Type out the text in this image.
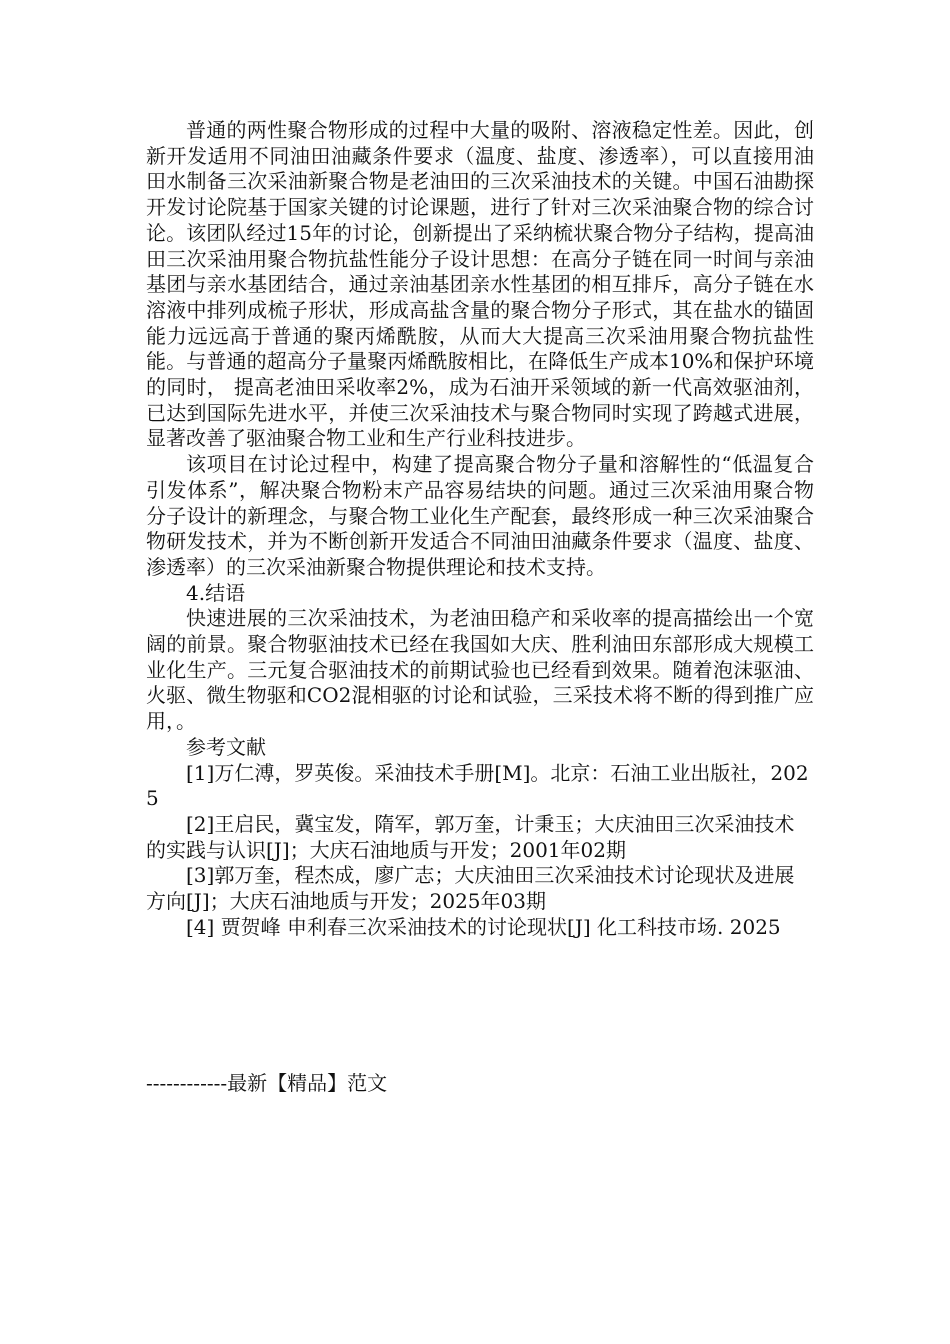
普通的两性聚合物形成的过程中大量的吸附、溶液稳定性差。因此，创新开发适用不同油田油藏条件要求（温度、盐度、渗透率），可以直接用油田水制备三次采油新聚合物是老油田的三次采油技术的关键。中国石油勘探开发讨论院基于国家关键的讨论课题，进行了针对三次采油聚合物的综合讨论。该团队经过15年的讨论，创新提出了采纳梳状聚合物分子结构，提高油田三次采油用聚合物抗盐性能分子设计思想：在高分子链在同一时间与亲油基团与亲水基团结合，通过亲油基团亲水性基团的相互排斥，高分子链在水溶液中排列成梳子形状，形成高盐含量的聚合物分子形式，其在盐水的锚固能力远远高于普通的聚丙烯酰胺，从而大大提高三次采油用聚合物抗盐性能。与普通的超高分子量聚丙烯酰胺相比，在降低生产成本10%和保护环境的同时， 提高老油田采收率2%，成为石油开采领域的新一代高效驱油剂，已达到国际先进水平，并使三次采油技术与聚合物同时实现了跨越式进展，显著改善了驱油聚合物工业和生产行业科技进步。

该项目在讨论过程中，构建了提高聚合物分子量和溶解性的“低温复合引发体系”，解决聚合物粉末产品容易结块的问题。通过三次采油用聚合物分子设计的新理念，与聚合物工业化生产配套，最终形成一种三次采油聚合物研发技术，并为不断创新开发适合不同油田油藏条件要求（温度、盐度、渗透率）的三次采油新聚合物提供理论和技术支持。

4.结语

快速进展的三次采油技术，为老油田稳产和采收率的提高描绘出一个宽阔的前景。聚合物驱油技术已经在我国如大庆、胜利油田东部形成大规模工业化生产。三元复合驱油技术的前期试验也已经看到效果。随着泡沫驱油、火驱、微生物驱和CO2混相驱的讨论和试验，三采技术将不断的得到推广应用，。

参考文献

[1]万仁溥，罗英俊。采油技术手册[M]。北京：石油工业出版社，2025

[2]王启民，冀宝发，隋军，郭万奎，计秉玉；大庆油田三次采油技术的实践与认识[J]；大庆石油地质与开发；2001年02期

[3]郭万奎，程杰成，廖广志；大庆油田三次采油技术讨论现状及进展方向[J]；大庆石油地质与开发；2025年03期

[4] 贾贺峰 申利春三次采油技术的讨论现状[J] 化工科技市场. 2025

------------最新【精品】范文
